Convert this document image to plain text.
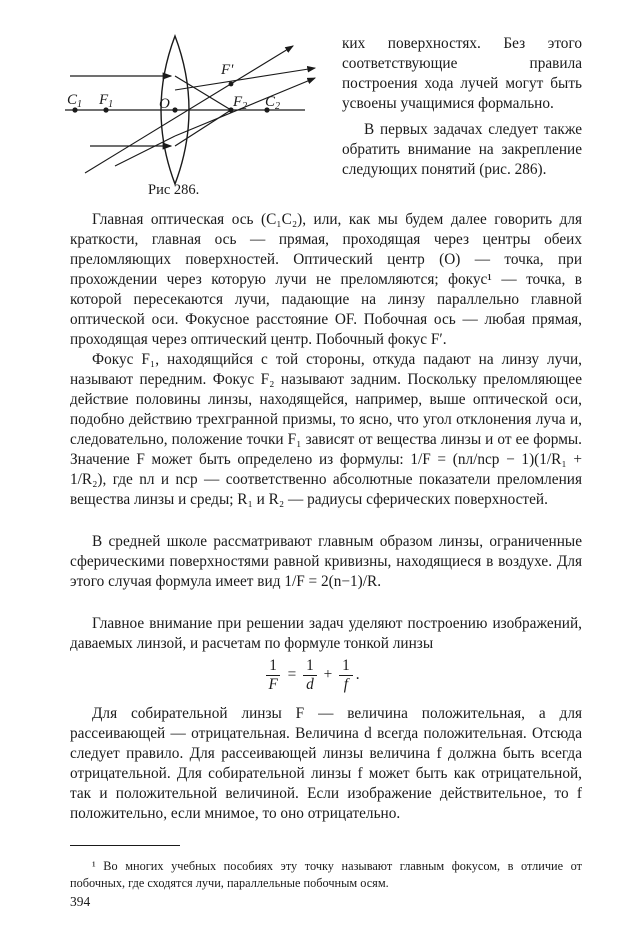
$C_1$ $F_1$	O
F'
$F_2$ $C_2$
Рис 286.

ких поверхностях. Без этого соответствующие правила построения хода лучей могут быть усвоены учащимися формально.

В первых задачах следует также обратить внимание на закрепление следующих понятий (рис. 286).

Главная оптическая ось (C₁C₂), или, как мы будем далее говорить для краткости, главная ось — прямая, проходящая через центры обеих преломляющих поверхностей. Оптический центр (O) — точка, при прохождении через которую лучи не преломляются; фокус¹ — точка, в которой пересекаются лучи, падающие на линзу параллельно главной оптической оси. Фокусное расстояние OF. Побочная ось — любая прямая, проходящая через оптический центр. Побочный фокус F′.

Фокус F₁, находящийся с той стороны, откуда падают на линзу лучи, называют передним. Фокус F₂ называют задним. Поскольку преломляющее действие половины линзы, находящейся, например, выше оптической оси, подобно действию трехгранной призмы, то ясно, что угол отклонения луча и, следовательно, положение точки F₁ зависят от вещества линзы и от ее формы. Значение F может быть определено из формулы: 1/F = (nл/nср − 1)(1/R₁ + 1/R₂), где nл и nср — соответственно абсолютные показатели преломления вещества линзы и среды; R₁ и R₂ — радиусы сферических поверхностей.

В средней школе рассматривают главным образом линзы, ограниченные сферическими поверхностями равной кривизны, находящиеся в воздухе. Для этого случая формула имеет вид 1/F = 2(n−1)/R.

Главное внимание при решении задач уделяют построению изображений, даваемых линзой, и расчетам по формуле тонкой линзы

$\frac{1}{F} = \frac{1}{d} + \frac{1}{f}$ .

Для собирательной линзы F — величина положительная, а для рассеивающей — отрицательная. Величина d всегда положительная. Отсюда следует правило. Для рассеивающей линзы величина f должна быть всегда отрицательной. Для собирательной линзы f может быть как отрицательной, так и положительной величиной. Если изображение действительное, то f положительно, если мнимое, то оно отрицательно.

¹ Во многих учебных пособиях эту точку называют главным фокусом, в отличие от побочных, где сходятся лучи, параллельные побочным осям.
394
